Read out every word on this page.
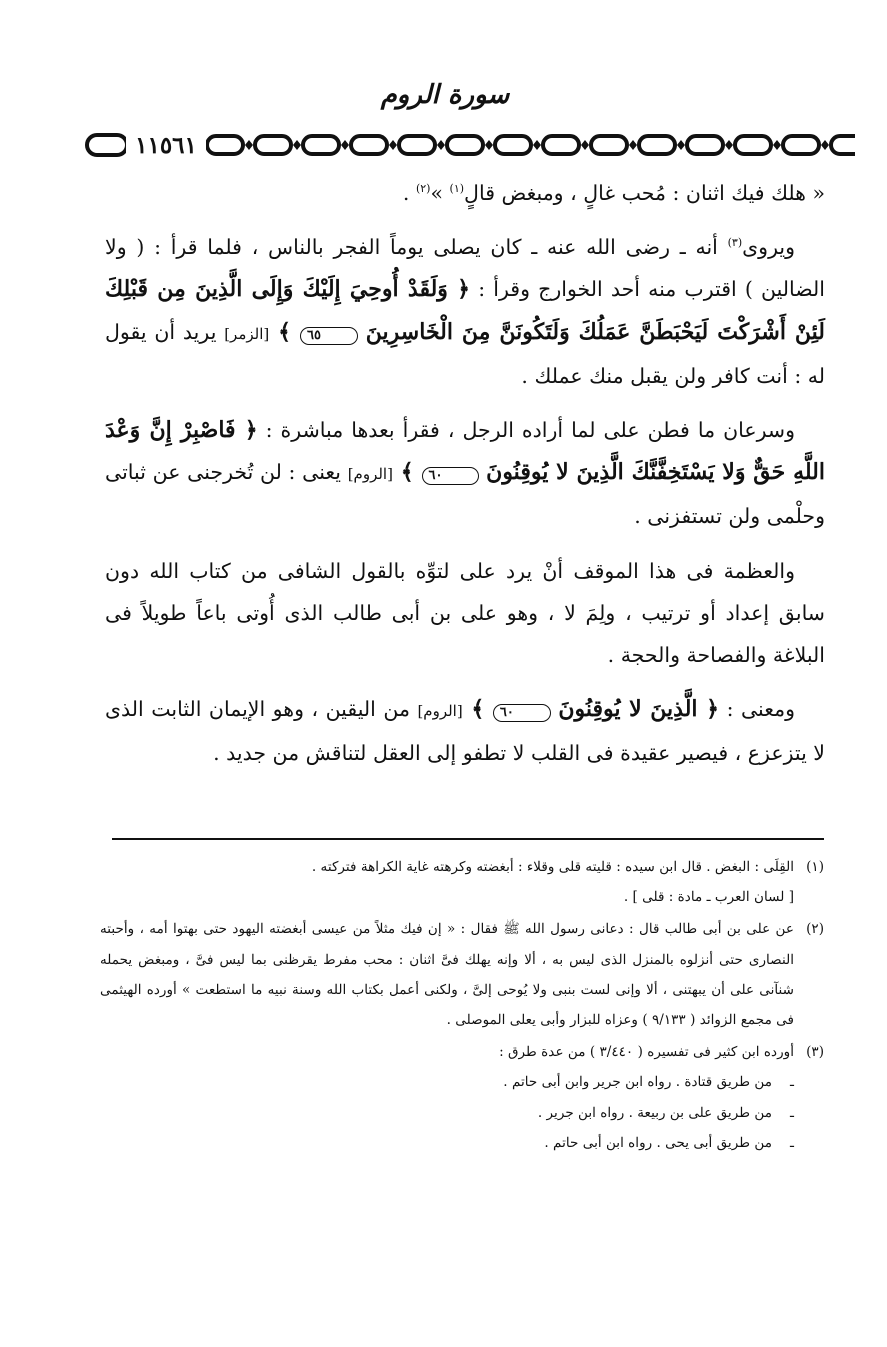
سورة الروم
١١٥٦١

« هلك فيك اثنان : مُحب غالٍ ، ومبغض قالٍ$^{(١)}$ »$^{(٢)}$ .

ويروى$^{(٣)}$ أنه ـ رضى الله عنه ـ كان يصلى يوماً الفجر بالناس ، فلما قرأ : ( ولا الضالين ) اقترب منه أحد الخوارج وقرأ : ﴿ وَلَقَدْ أُوحِيَ إِلَيْكَ وَإِلَى الَّذِينَ مِن قَبْلِكَ لَئِنْ أَشْرَكْتَ لَيَحْبَطَنَّ عَمَلُكَ وَلَتَكُونَنَّ مِنَ الْخَاسِرِينَ ٦٥ ﴾ [الزمر] يريد أن يقول له : أنت كافر ولن يقبل منك عملك .

وسرعان ما فطن على لما أراده الرجل ، فقرأ بعدها مباشرة : ﴿ فَاصْبِرْ إِنَّ وَعْدَ اللَّهِ حَقٌّ وَلا يَسْتَخِفَّنَّكَ الَّذِينَ لا يُوقِنُونَ ٦٠ ﴾ [الروم] يعنى : لن تُخرجنى عن ثباتى وحلْمى ولن تستفزنى .

والعظمة فى هذا الموقف أنْ يرد على لتوِّه بالقول الشافى من كتاب الله دون سابق إعداد أو ترتيب ، ولِمَ لا ، وهو على بن أبى طالب الذى أُوتى باعاً طويلاً فى البلاغة والفصاحة والحجة .

ومعنى : ﴿ الَّذِينَ لا يُوقِنُونَ ٦٠ ﴾ [الروم] من اليقين ، وهو الإيمان الثابت الذى لا يتزعزع ، فيصير عقيدة فى القلب لا تطفو إلى العقل لتناقش من جديد .

(١)
القِلَى : البغض . قال ابن سيده : قليته قلى وقلاء : أبغضته وكرهته غاية الكراهة فتركته .
[ لسان العرب ـ مادة : قلى ] .
(٢)
عن على بن أبى طالب قال : دعانى رسول الله ﷺ فقال : « إن فيك مثلاً من عيسى أبغضته اليهود حتى بهتوا أمه ، وأحبته النصارى حتى أنزلوه بالمنزل الذى ليس به ، ألا وإنه يهلك فىَّ اثنان : محب مفرط يقرظنى بما ليس فىَّ ، ومبغض يحمله شنآنى على أن يبهتنى ، ألا وإنى لست بنبى ولا يُوحى إلىَّ ، ولكنى أعمل بكتاب الله وسنة نبيه ما استطعت » أورده الهيثمى فى مجمع الزوائد ( ٩/١٣٣ ) وعزاه للبزار وأبى يعلى الموصلى .
(٣)
أورده ابن كثير فى تفسيره ( ٣/٤٤٠ ) من عدة طرق :
ـ
من طريق قتادة . رواه ابن جرير وابن أبى حاتم .
ـ
من طريق على بن ربيعة . رواه ابن جرير .
ـ
من طريق أبى يحى . رواه ابن أبى حاتم .
